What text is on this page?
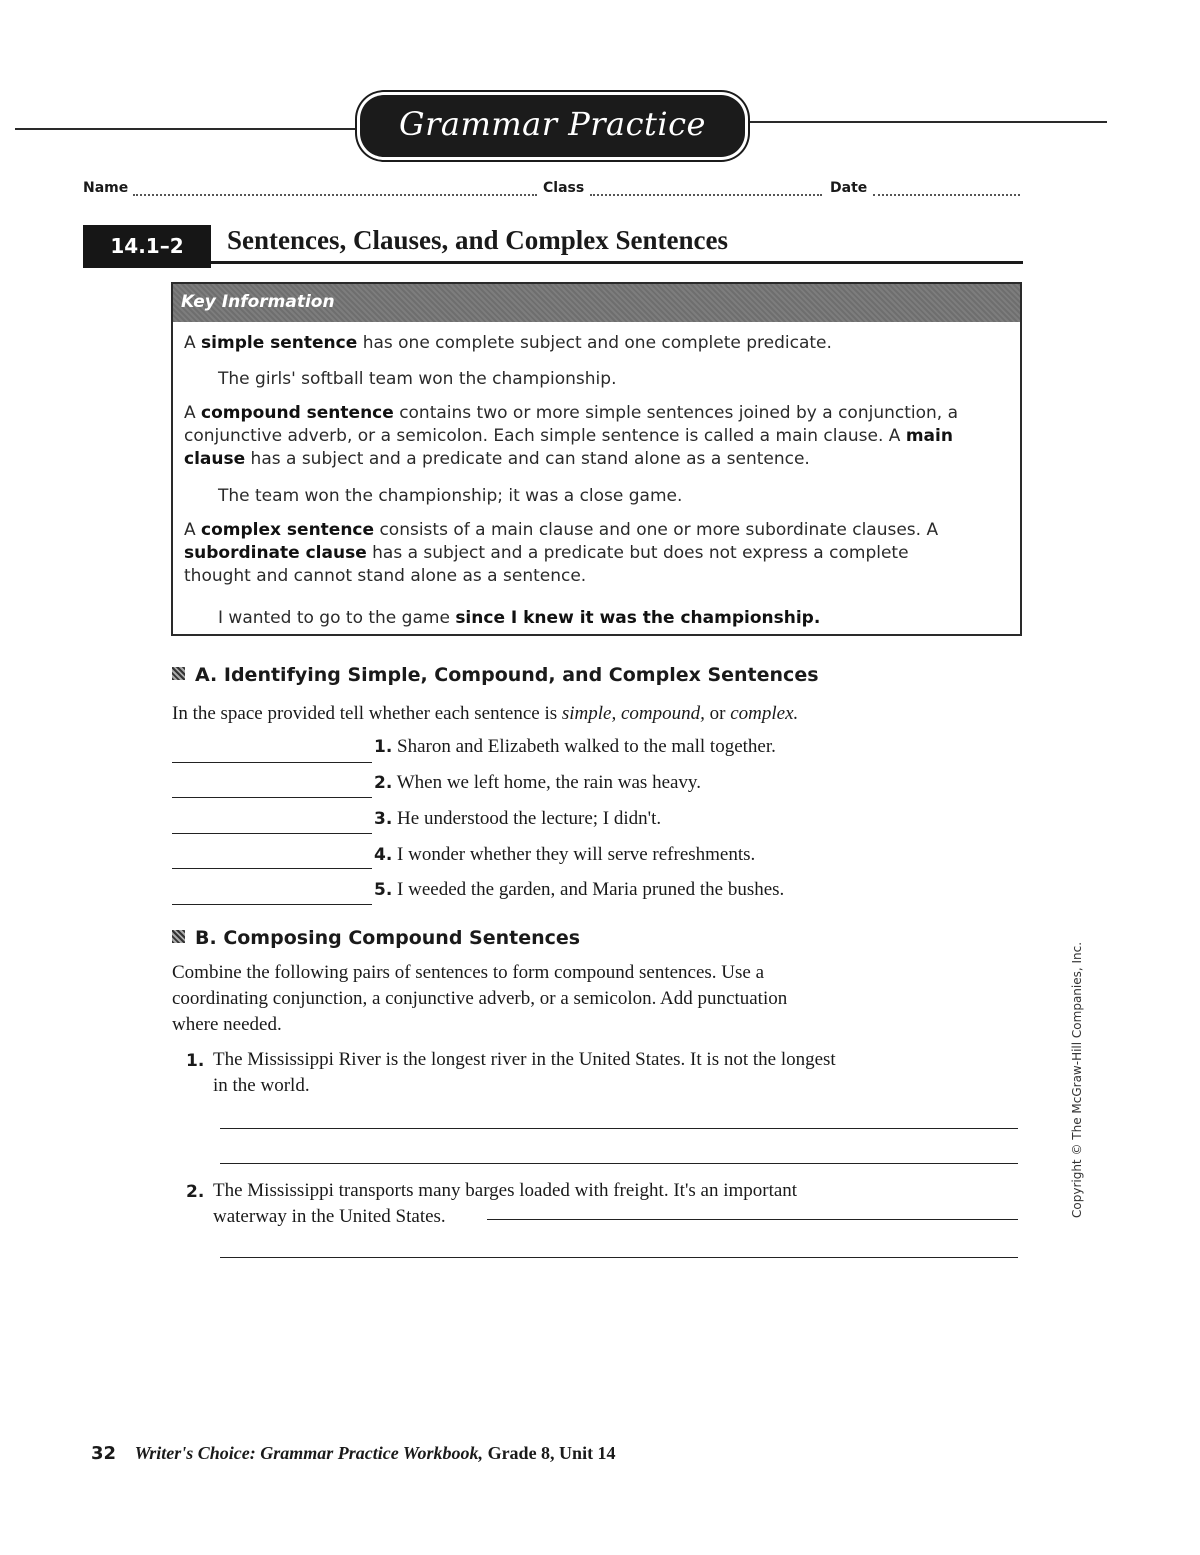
Grammar Practice
Name	Class	Date
14.1–2	Sentences, Clauses, and Complex Sentences
Key Information
A simple sentence has one complete subject and one complete predicate.
The girls' softball team won the championship.
A compound sentence contains two or more simple sentences joined by a conjunction, a conjunctive adverb, or a semicolon. Each simple sentence is called a main clause. A main clause has a subject and a predicate and can stand alone as a sentence.
The team won the championship; it was a close game.
A complex sentence consists of a main clause and one or more subordinate clauses. A subordinate clause has a subject and a predicate but does not express a complete thought and cannot stand alone as a sentence.
I wanted to go to the game since I knew it was the championship.
A. Identifying Simple, Compound, and Complex Sentences
In the space provided tell whether each sentence is simple, compound, or complex.
1. Sharon and Elizabeth walked to the mall together.
2. When we left home, the rain was heavy.
3. He understood the lecture; I didn't.
4. I wonder whether they will serve refreshments.
5. I weeded the garden, and Maria pruned the bushes.
B. Composing Compound Sentences
Combine the following pairs of sentences to form compound sentences. Use a
coordinating conjunction, a conjunctive adverb, or a semicolon. Add punctuation
where needed.
1. The Mississippi River is the longest river in the United States. It is not the longest
in the world.
2. The Mississippi transports many barges loaded with freight. It's an important
waterway in the United States.	Copyright © The McGraw-Hill Companies, Inc.
32 Writer's Choice: Grammar Practice Workbook, Grade 8, Unit 14
